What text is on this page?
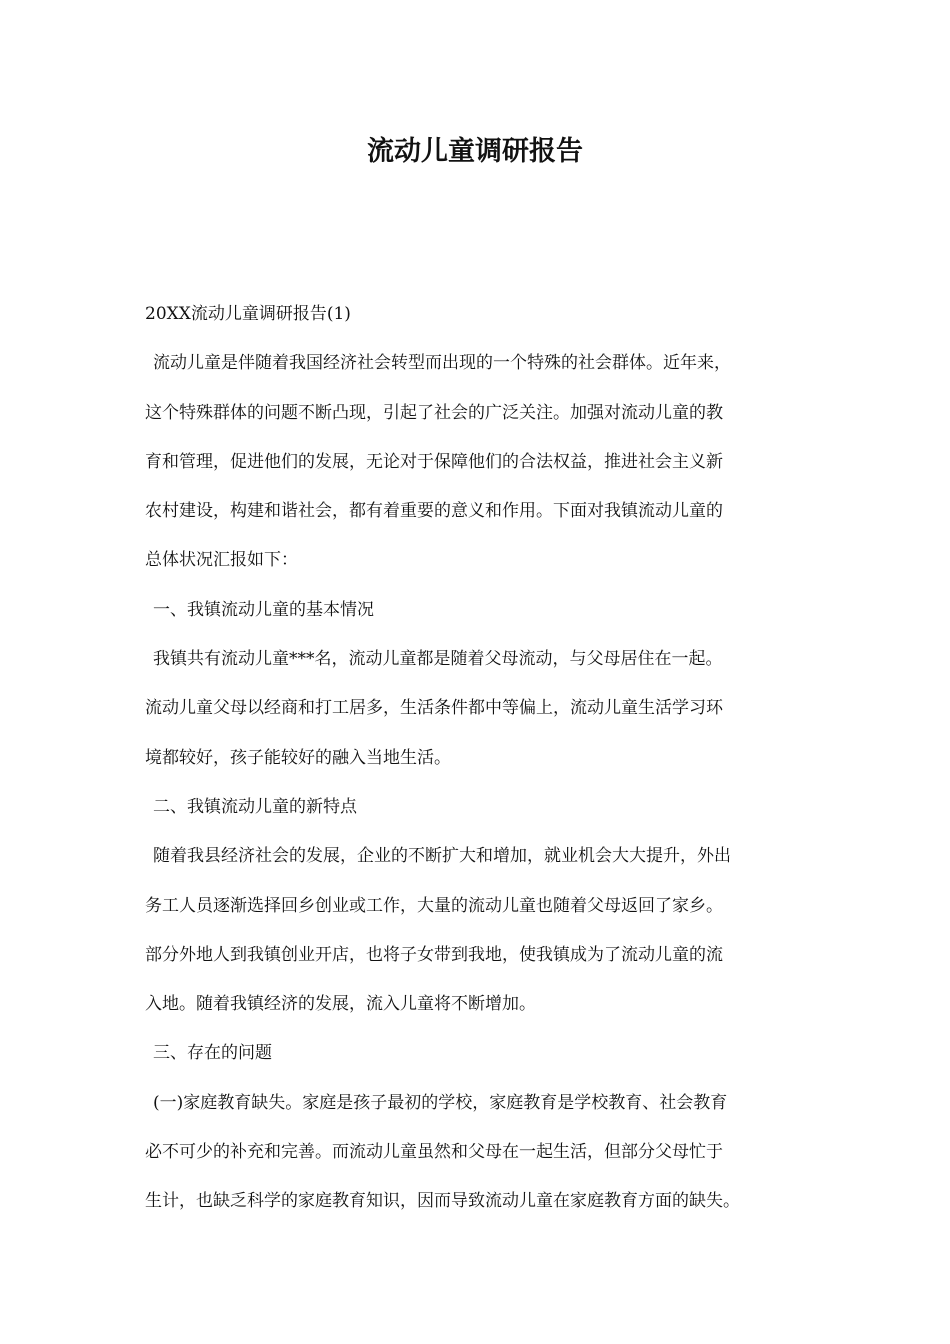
流动儿童调研报告
20XX流动儿童调研报告(1)
流动儿童是伴随着我国经济社会转型而出现的一个特殊的社会群体。近年来，
这个特殊群体的问题不断凸现，引起了社会的广泛关注。加强对流动儿童的教
育和管理，促进他们的发展，无论对于保障他们的合法权益，推进社会主义新
农村建设，构建和谐社会，都有着重要的意义和作用。下面对我镇流动儿童的
总体状况汇报如下：
一、我镇流动儿童的基本情况
我镇共有流动儿童***名，流动儿童都是随着父母流动，与父母居住在一起。
流动儿童父母以经商和打工居多，生活条件都中等偏上，流动儿童生活学习环
境都较好，孩子能较好的融入当地生活。
二、我镇流动儿童的新特点
随着我县经济社会的发展，企业的不断扩大和增加，就业机会大大提升，外出
务工人员逐渐选择回乡创业或工作，大量的流动儿童也随着父母返回了家乡。
部分外地人到我镇创业开店，也将子女带到我地，使我镇成为了流动儿童的流
入地。随着我镇经济的发展，流入儿童将不断增加。
三、存在的问题
(一)家庭教育缺失。家庭是孩子最初的学校，家庭教育是学校教育、社会教育
必不可少的补充和完善。而流动儿童虽然和父母在一起生活，但部分父母忙于
生计，也缺乏科学的家庭教育知识，因而导致流动儿童在家庭教育方面的缺失。
